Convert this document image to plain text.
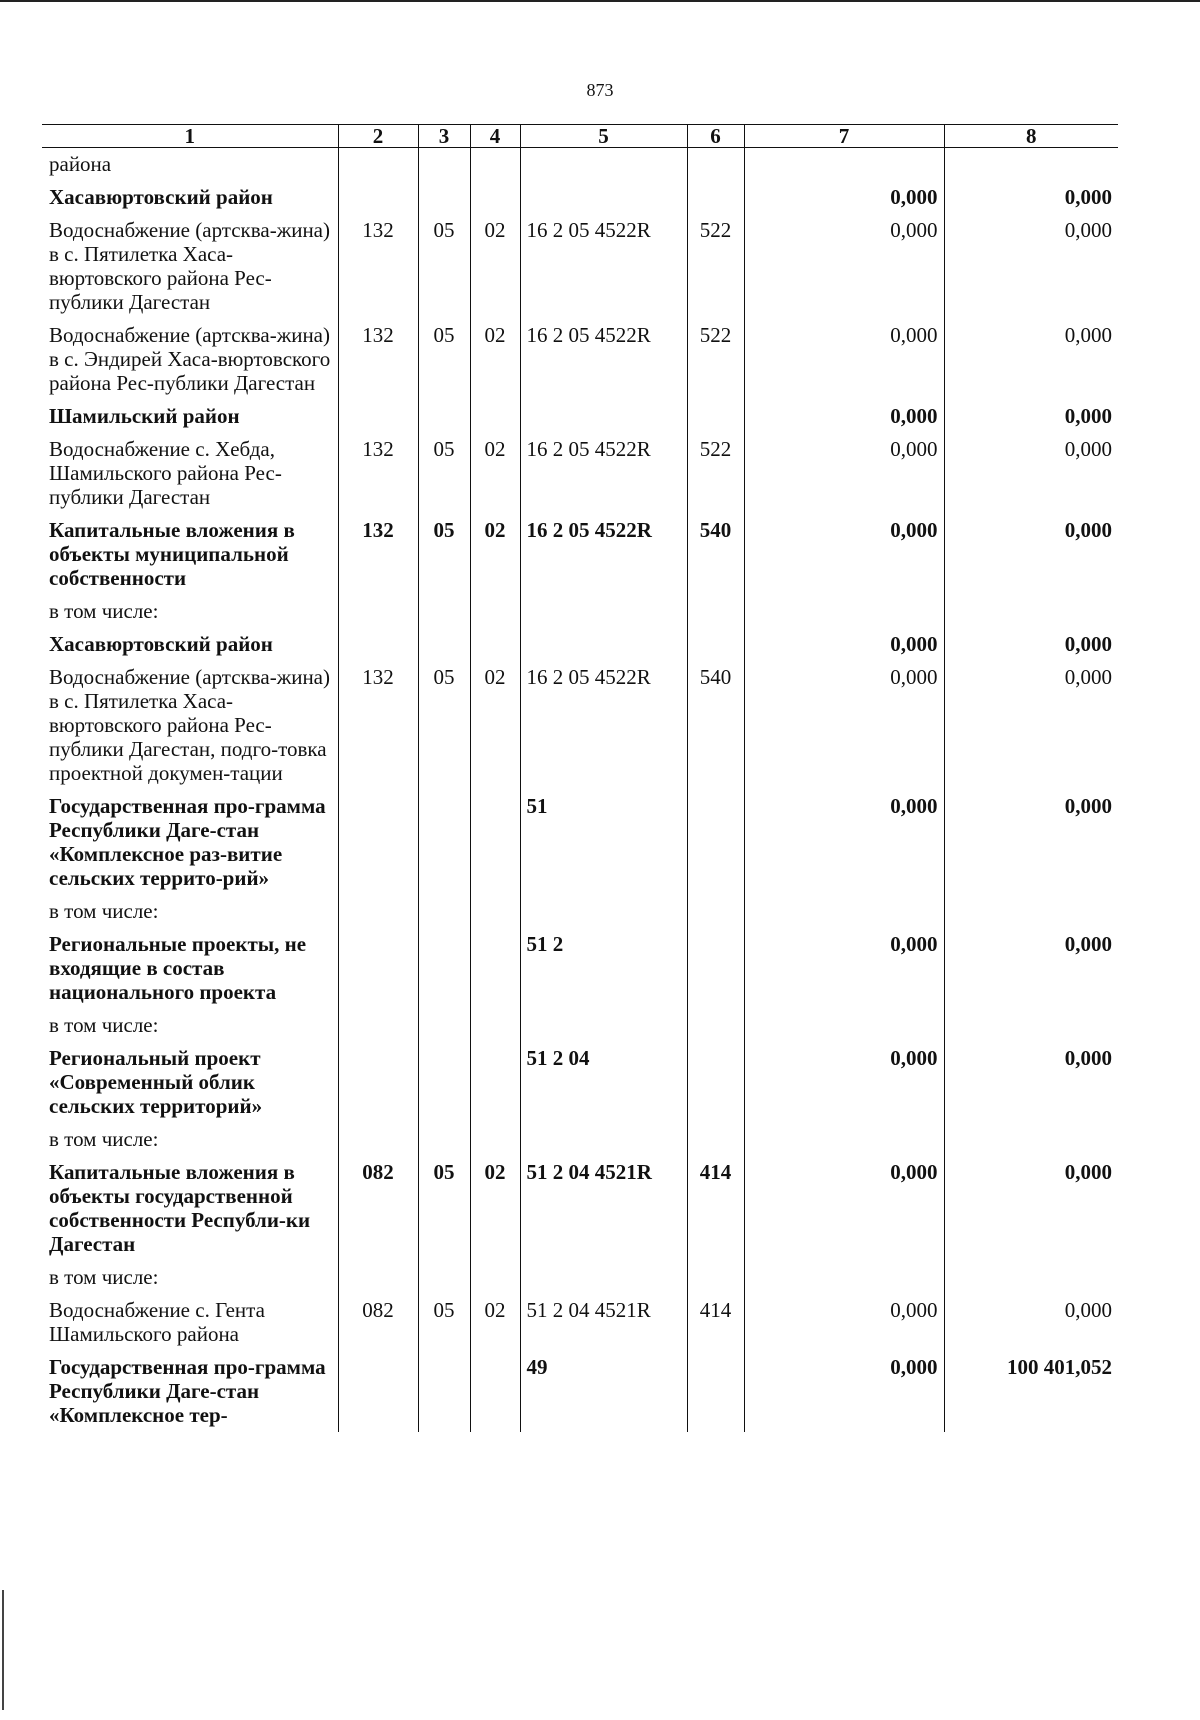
873
1	2	3	4	5	6	7	8
района							
Хасавюртовский район						0,000	0,000
Водоснабжение (артсква-жина) в с. Пятилетка Хаса-вюртовского района Рес-публики Дагестан	132	05	02	16 2 05 4522R	522	0,000	0,000
Водоснабжение (артсква-жина) в с. Эндирей Хаса-вюртовского района Рес-публики Дагестан	132	05	02	16 2 05 4522R	522	0,000	0,000
Шамильский район						0,000	0,000
Водоснабжение с. Хебда, Шамильского района Рес-публики Дагестан	132	05	02	16 2 05 4522R	522	0,000	0,000
Капитальные вложения в объекты муниципальной собственности	132	05	02	16 2 05 4522R	540	0,000	0,000
в том числе:							
Хасавюртовский район						0,000	0,000
Водоснабжение (артсква-жина) в с. Пятилетка Хаса-вюртовского района Рес-публики Дагестан, подго-товка проектной докумен-тации	132	05	02	16 2 05 4522R	540	0,000	0,000
Государственная про-грамма Республики Даге-стан «Комплексное раз-витие сельских террито-рий»				51		0,000	0,000
в том числе:							
Региональные проекты, не входящие в состав национального проекта				51 2		0,000	0,000
в том числе:							
Региональный проект «Современный облик сельских территорий»				51 2 04		0,000	0,000
в том числе:							
Капитальные вложения в объекты государственной собственности Республи-ки Дагестан	082	05	02	51 2 04 4521R	414	0,000	0,000
в том числе:							
Водоснабжение с. Гента Шамильского района	082	05	02	51 2 04 4521R	414	0,000	0,000
Государственная про-грамма Республики Даге-стан «Комплексное тер-				49		0,000	100 401,052
